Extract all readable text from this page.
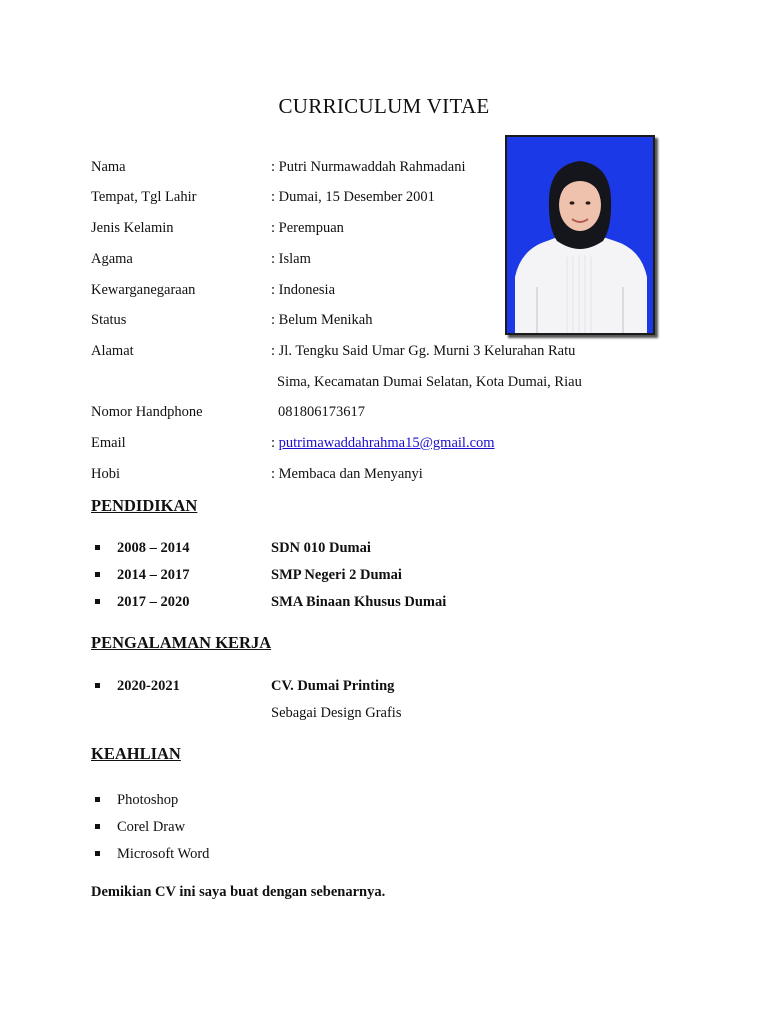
CURRICULUM VITAE
Nama	: Putri Nurmawaddah Rahmadani
Tempat, Tgl Lahir	: Dumai, 15 Desember 2001
Jenis Kelamin	: Perempuan
Agama	: Islam
Kewarganegaraan	: Indonesia
Status	: Belum Menikah
Alamat	: Jl. Tengku Said Umar Gg. Murni 3 Kelurahan Ratu
Sima, Kecamatan Dumai Selatan, Kota Dumai, Riau
Nomor Handphone	081806173617
Email	: putrimawaddahrahma15@gmail.com
Hobi	: Membaca dan Menyanyi
PENDIDIKAN
2008 – 2014	SDN 010 Dumai
2014 – 2017	SMP Negeri 2 Dumai
2017 – 2020	SMA Binaan Khusus Dumai
PENGALAMAN KERJA
2020-2021	CV. Dumai Printing
Sebagai Design Grafis
KEAHLIAN
Photoshop
Corel Draw
Microsoft Word
Demikian CV ini saya buat dengan sebenarnya.
